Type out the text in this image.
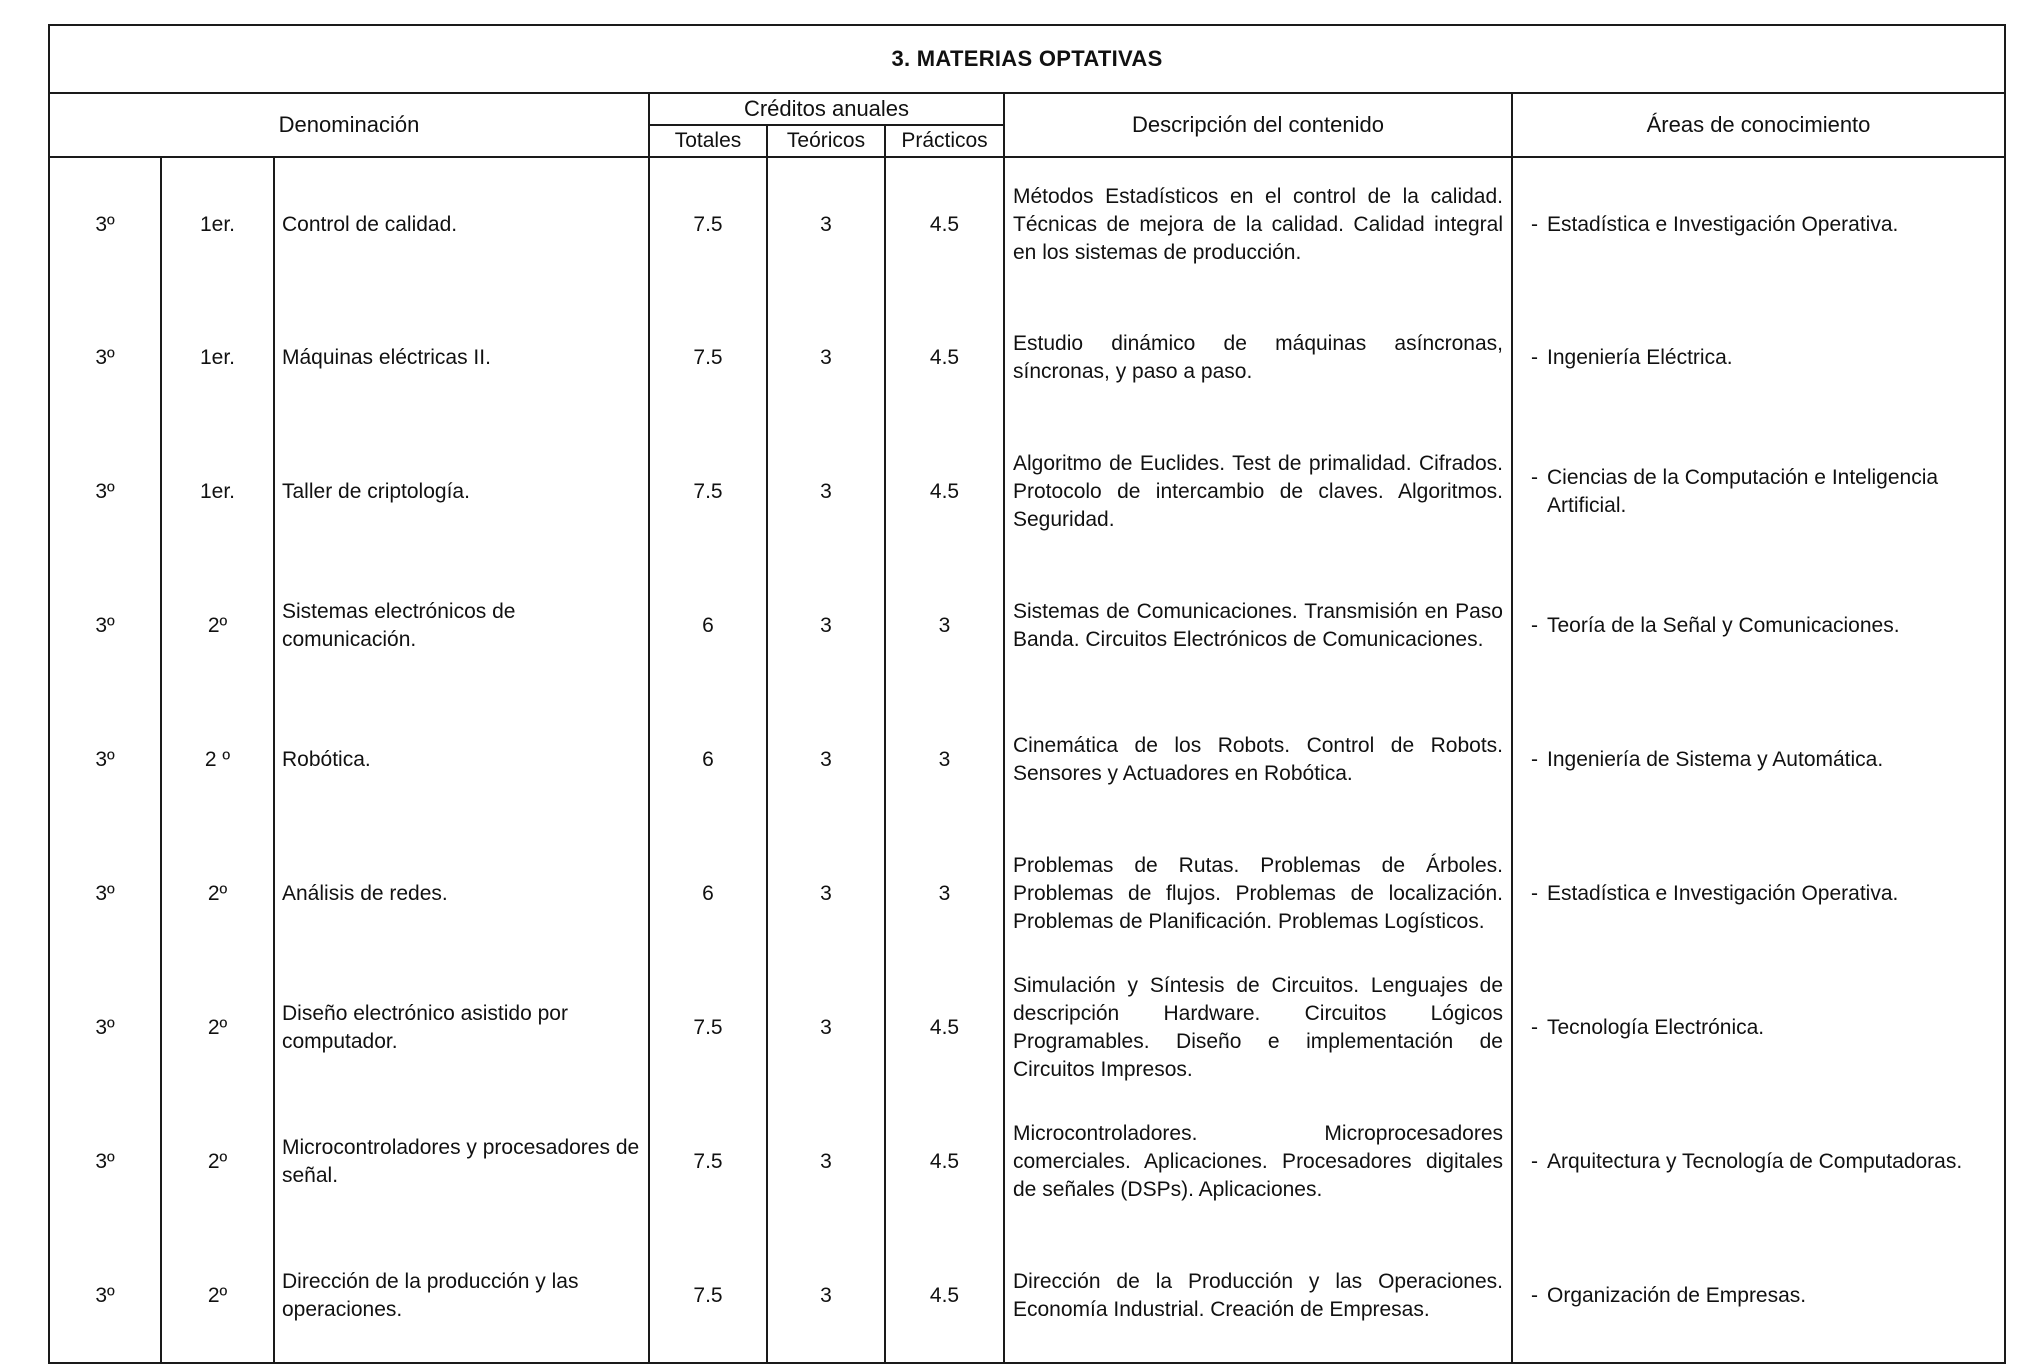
3. MATERIAS OPTATIVAS							
Denominación			Créditos anuales			Descripción del contenido	Áreas de conocimiento
			Totales	Teóricos	Prácticos		
3º	1er.	Control de calidad.	7.5	3	4.5	Métodos Estadísticos en el control de la calidad. Técnicas de mejora de la calidad. Calidad integral en los sistemas de producción.	- Estadística e Investigación Operativa.

3º	1er.	Máquinas eléctricas II.	7.5	3	4.5	Estudio dinámico de máquinas asíncronas, síncronas, y paso a paso.	- Ingeniería Eléctrica.

3º	1er.	Taller de criptología.	7.5	3	4.5	Algoritmo de Euclides. Test de primalidad. Cifrados. Protocolo de intercambio de claves. Algoritmos. Seguridad.	- Ciencias de la Computación e Inteligencia Artificial.

3º	2º	Sistemas electrónicos de comunicación.	6	3	3	Sistemas de Comunicaciones. Transmisión en Paso Banda. Circuitos Electrónicos de Comunicaciones.	- Teoría de la Señal y Comunicaciones.

3º	2 º	Robótica.	6	3	3	Cinemática de los Robots. Control de Robots. Sensores y Actuadores en Robótica.	- Ingeniería de Sistema y Automática.

3º	2º	Análisis de redes.	6	3	3	Problemas de Rutas. Problemas de Árboles. Problemas de flujos. Problemas de localización. Problemas de Planificación. Problemas Logísticos.	- Estadística e Investigación Operativa.

3º	2º	Diseño electrónico asistido por computador.	7.5	3	4.5	Simulación y Síntesis de Circuitos. Lenguajes de descripción Hardware. Circuitos Lógicos Programables. Diseño e implementación de Circuitos Impresos.	- Tecnología Electrónica.

3º	2º	Microcontroladores y procesadores de señal.	7.5	3	4.5	Microcontroladores. Microprocesadores comerciales. Aplicaciones. Procesadores digitales de señales (DSPs). Aplicaciones.	- Arquitectura y Tecnología de Computadoras.

3º	2º	Dirección de la producción y las operaciones.	7.5	3	4.5	Dirección de la Producción y las Operaciones. Economía Industrial. Creación de Empresas.	- Organización de Empresas.
